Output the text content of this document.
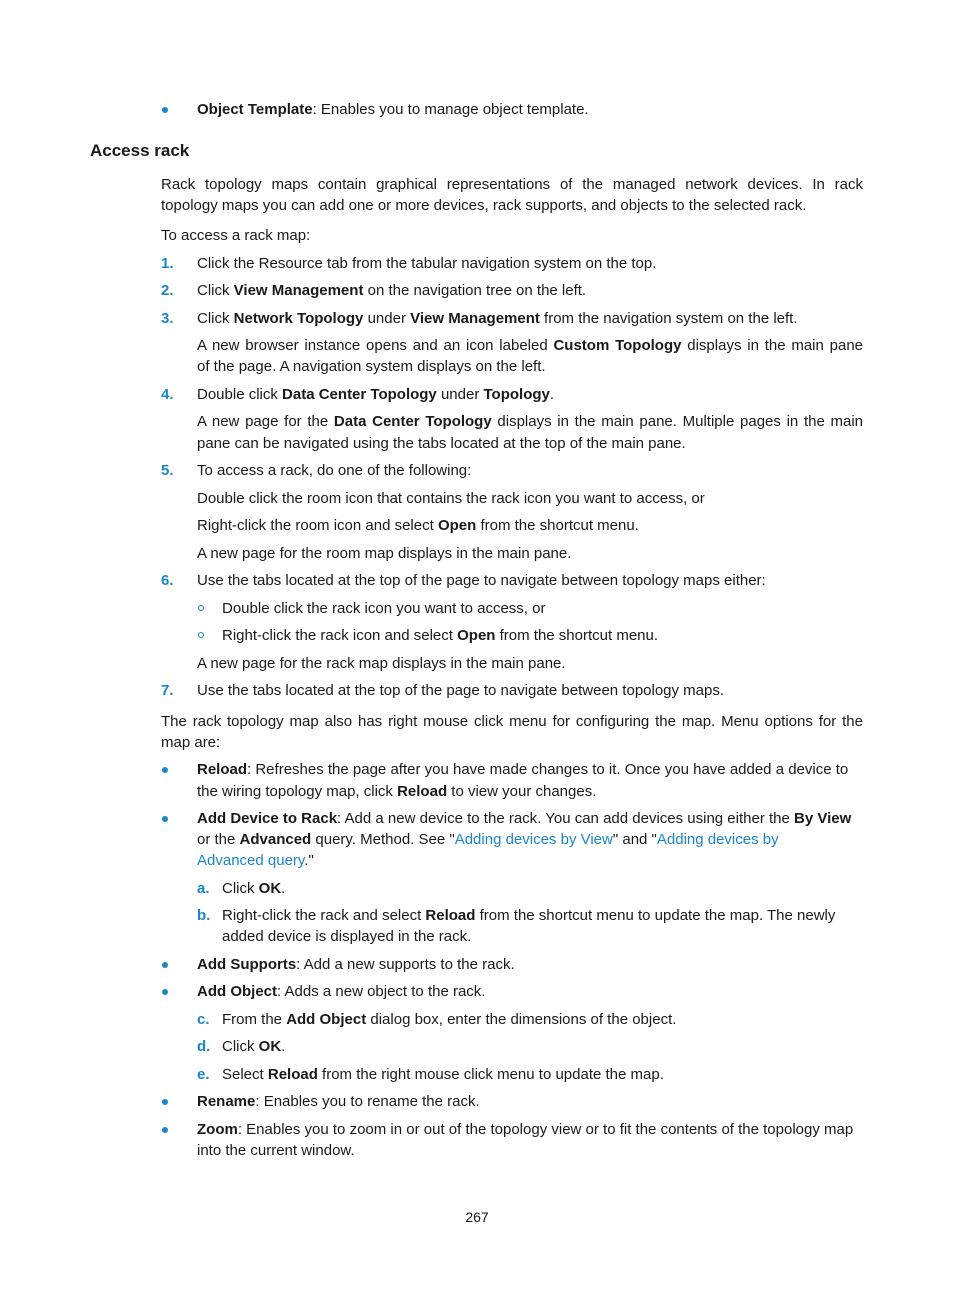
Object Template: Enables you to manage object template.
Access rack
Rack topology maps contain graphical representations of the managed network devices. In rack
topology maps you can add one or more devices, rack supports, and objects to the selected rack.
To access a rack map:
1. Click the Resource tab from the tabular navigation system on the top.
2. Click View Management on the navigation tree on the left.
3. Click Network Topology under View Management from the navigation system on the left.
A new browser instance opens and an icon labeled Custom Topology displays in the main pane
of the page. A navigation system displays on the left.
4. Double click Data Center Topology under Topology.
A new page for the Data Center Topology displays in the main pane. Multiple pages in the main
pane can be navigated using the tabs located at the top of the main pane.
5. To access a rack, do one of the following:
Double click the room icon that contains the rack icon you want to access, or
Right-click the room icon and select Open from the shortcut menu.
A new page for the room map displays in the main pane.
6. Use the tabs located at the top of the page to navigate between topology maps either:
Double click the rack icon you want to access, or
Right-click the rack icon and select Open from the shortcut menu.
A new page for the rack map displays in the main pane.
7. Use the tabs located at the top of the page to navigate between topology maps.
The rack topology map also has right mouse click menu for configuring the map. Menu options for the
map are:
Reload: Refreshes the page after you have made changes to it. Once you have added a device to
the wiring topology map, click Reload to view your changes.
Add Device to Rack: Add a new device to the rack. You can add devices using either the By View
or the Advanced query. Method. See "Adding devices by View" and "Adding devices by
Advanced query."
a. Click OK.
b. Right-click the rack and select Reload from the shortcut menu to update the map. The newly
added device is displayed in the rack.
Add Supports: Add a new supports to the rack.
Add Object: Adds a new object to the rack.
c. From the Add Object dialog box, enter the dimensions of the object.
d. Click OK.
e. Select Reload from the right mouse click menu to update the map.
Rename: Enables you to rename the rack.
Zoom: Enables you to zoom in or out of the topology view or to fit the contents of the topology map
into the current window.
267
